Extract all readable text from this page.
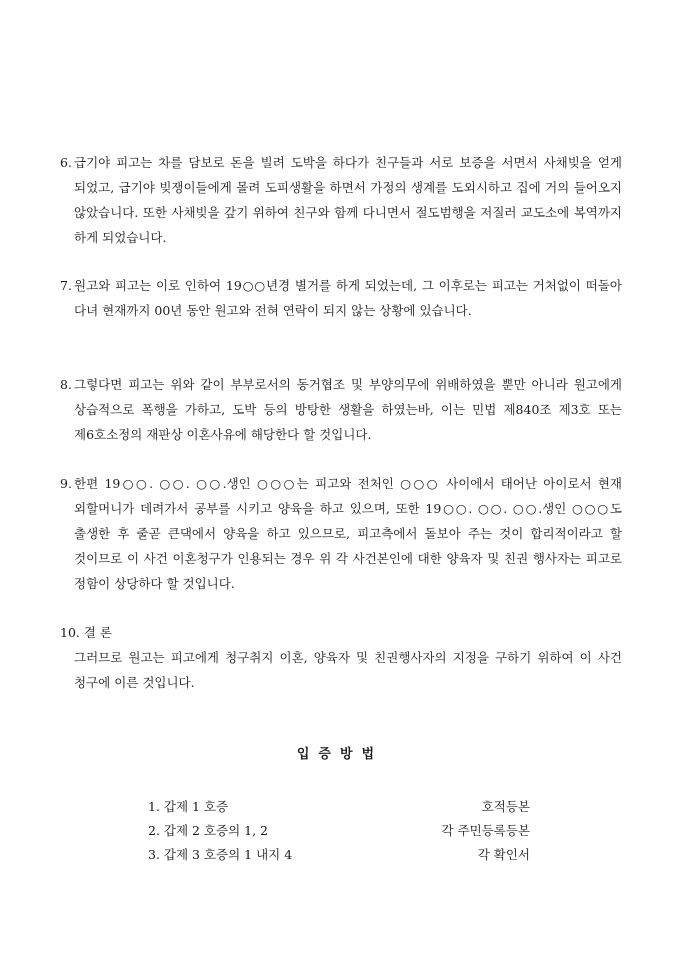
6. 급기야 피고는 차를 담보로 돈을 빌려 도박을 하다가 친구들과 서로 보증을 서면서 사채빚을 얻게 되었고, 급기야 빚쟁이들에게 몰려 도피생활을 하면서 가정의 생계를 도외시하고 집에 거의 들어오지 않았습니다. 또한 사채빚을 갚기 위하여 친구와 함께 다니면서 절도범행을 저질러 교도소에 복역까지 하게 되었습니다.
7. 원고와 피고는 이로 인하여 19○○년경 별거를 하게 되었는데, 그 이후로는 피고는 거처없이 떠돌아 다녀 현재까지 00년 동안 원고와 전혀 연락이 되지 않는 상황에 있습니다.
8. 그렇다면 피고는 위와 같이 부부로서의 동거협조 및 부양의무에 위배하였을 뿐만 아니라 원고에게 상습적으로 폭행을 가하고, 도박 등의 방탕한 생활을 하였는바, 이는 민법 제840조 제3호 또는 제6호소정의 재판상 이혼사유에 해당한다 할 것입니다.
9. 한편 19○○. ○○. ○○.생인 ○○○는 피고와 전처인 ○○○ 사이에서 태어난 아이로서 현재 외할머니가 데려가서 공부를 시키고 양육을 하고 있으며, 또한 19○○. ○○. ○○.생인 ○○○도 출생한 후 줄곧 큰댁에서 양육을 하고 있으므로, 피고측에서 돌보아 주는 것이 합리적이라고 할 것이므로 이 사건 이혼청구가 인용되는 경우 위 각 사건본인에 대한 양육자 및 친권 행사자는 피고로 정함이 상당하다 할 것입니다.
10. 결 론
그러므로 원고는 피고에게 청구취지 이혼, 양육자 및 친권행사자의 지정을 구하기 위하여 이 사건 청구에 이른 것입니다.
입증방법
1. 갑제 1 호증	호적등본
2. 갑제 2 호증의 1, 2	각 주민등록등본
3. 갑제 3 호증의 1 내지 4	각 확인서
